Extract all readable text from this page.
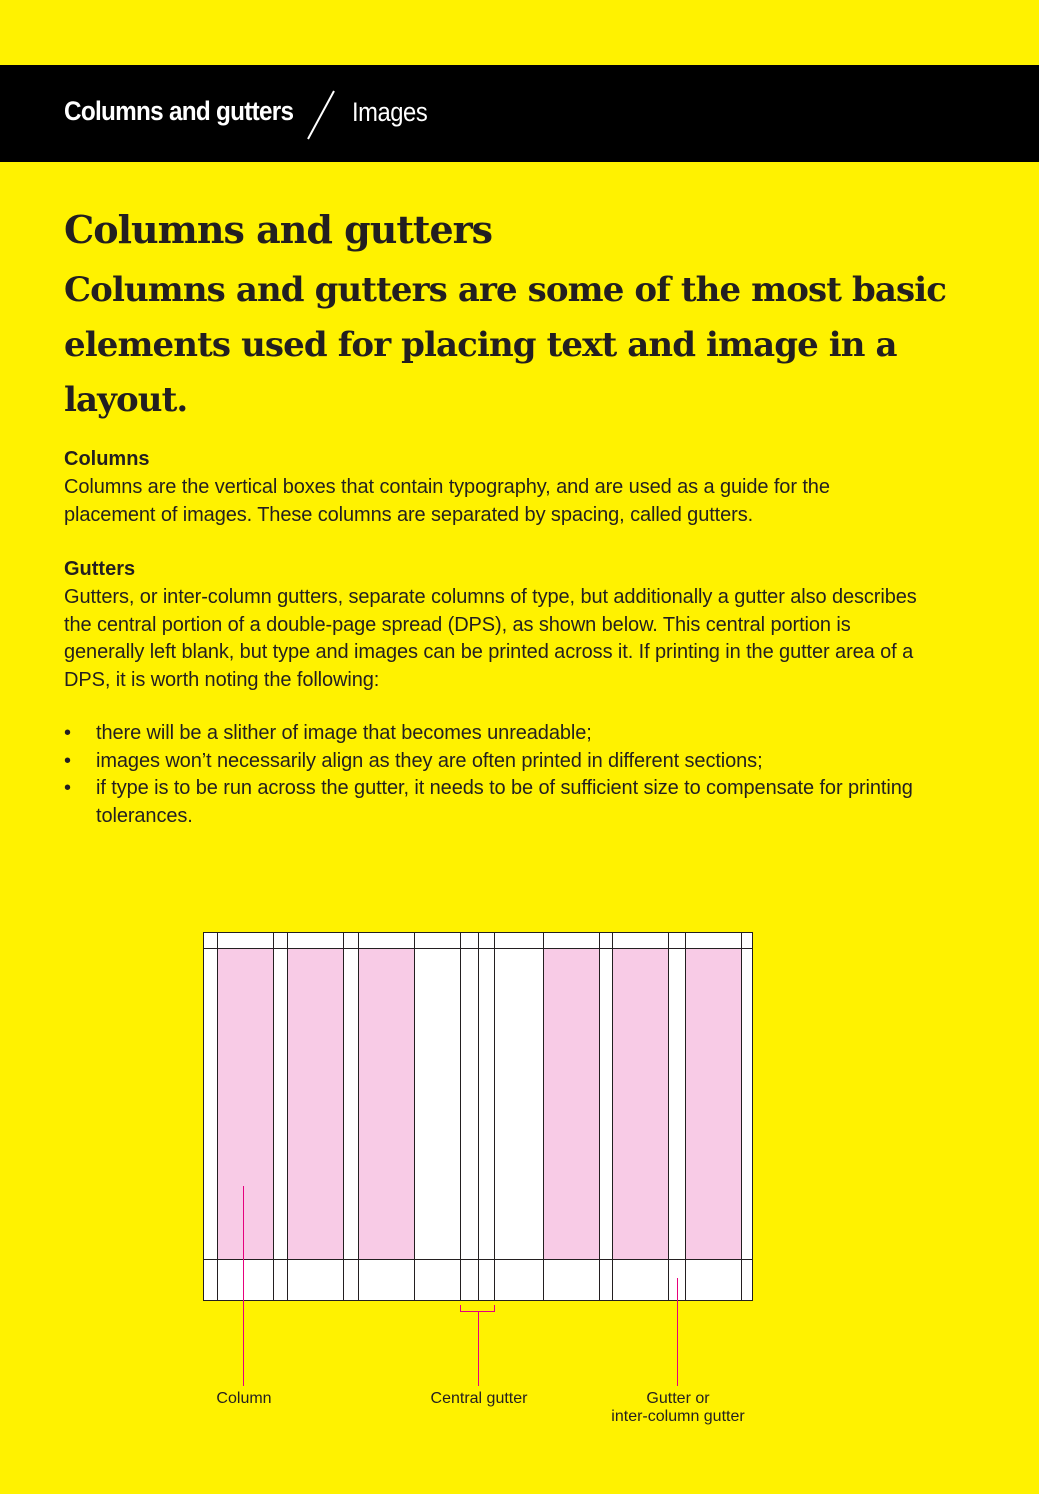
Columns and gutters Images
Columns and gutters

Columns and gutters are some of the most basic elements used for placing text and image in a layout.

Columns

Columns are the vertical boxes that contain typography, and are used as a guide for the placement of images. These columns are separated by spacing, called gutters.

Gutters

Gutters, or inter-column gutters, separate columns of type, but additionally a gutter also describes the central portion of a double-page spread (DPS), as shown below. This central portion is generally left blank, but type and images can be printed across it. If printing in the gutter area of a DPS, it is worth noting the following:

• there will be a slither of image that becomes unreadable;
• images won’t necessarily align as they are often printed in different sections;
• if type is to be run across the gutter, it needs to be of sufficient size to compensate for printing tolerances.
Column	Central gutter	Gutter or
inter-column gutter
